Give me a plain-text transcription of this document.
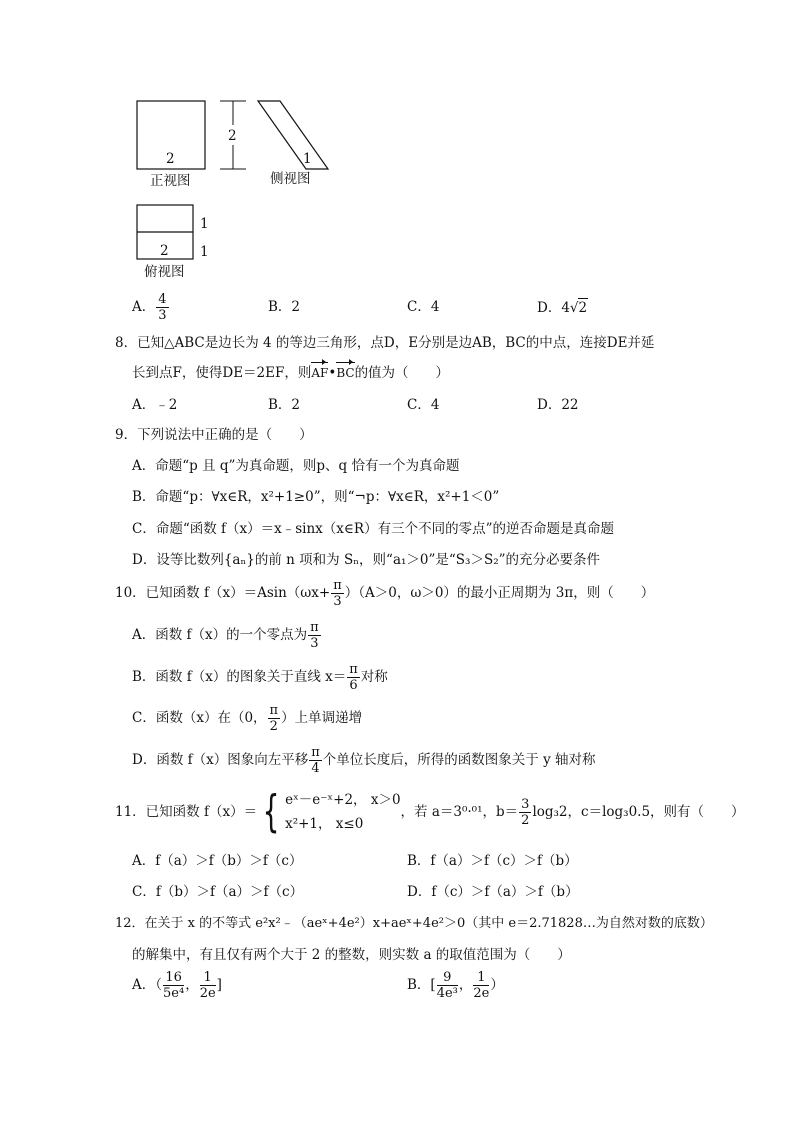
2
正视图
2
1
侧视图
1
1
2
俯视图
A． $\frac{4}{3}$	B．2	C．4	D．4√2
8．已知△ABC是边长为 4 的等边三角形，点D，E分别是边AB，BC的中点，连接DE并延
长到点F，使得DE＝2EF，则AF•BC的值为（　　）
A．﹣2	B．2	C．4	D．22
9．下列说法中正确的是（　　）
A．命题“p 且 q”为真命题，则p、q 恰有一个为真命题
B．命题“p：∀x∈R，x²+1≥0”，则“¬p：∀x∈R，x²+1＜0”
C．命题“函数 f（x）＝x﹣sinx（x∈R）有三个不同的零点”的逆否命题是真命题
D．设等比数列{aₙ}的前 n 项和为 Sₙ，则“a₁＞0”是“S₃＞S₂”的充分必要条件
10．已知函数 $f(x)=Asin(\omega x+ \frac{\pi}{3} )(A>0$，ω＞0）的最小正周期为 3π，则（　　）
A．函数 f（x）的一个零点为 $\frac{\pi}{3}$
B．函数 f（x）的图象关于直线 $x= \frac{\pi}{6}$ 对称
C．函数（x）在（0， $\frac{\pi}{2}$ ）上单调递增
D．函数 f（x）图象向左平移 $\frac{\pi}{4}$ 个单位长度后，所得的函数图象关于 y 轴对称
11．已知函数 f（x）＝ { eˣ－e⁻ˣ+2， x＞0
x²+1， x≤0
，若 a＝3⁰·⁰¹，$b= \frac{3}{2} \log_32$，c＝log₃0.5，则有（　　）
A．f（a）＞f（b）＞f（c）	B．f（a）＞f（c）＞f（b）
C．f（b）＞f（a）＞f（c）	D．f（c）＞f（a）＞f（b）
12．在关于 x 的不等式 e²x²﹣（aeˣ+4e²）x+aeˣ+4e²＞0（其中 e＝2.71828…为自然对数的底数）
的解集中，有且仅有两个大于 2 的整数，则实数 a 的取值范围为（　　）
A．（ $\frac{16}{\text{5e⁴}}$ ， $\frac{1}{2e}$ ]	B．[ $\frac{9}{\text{4e³}}$ ， $\frac{1}{2e}$ ）
